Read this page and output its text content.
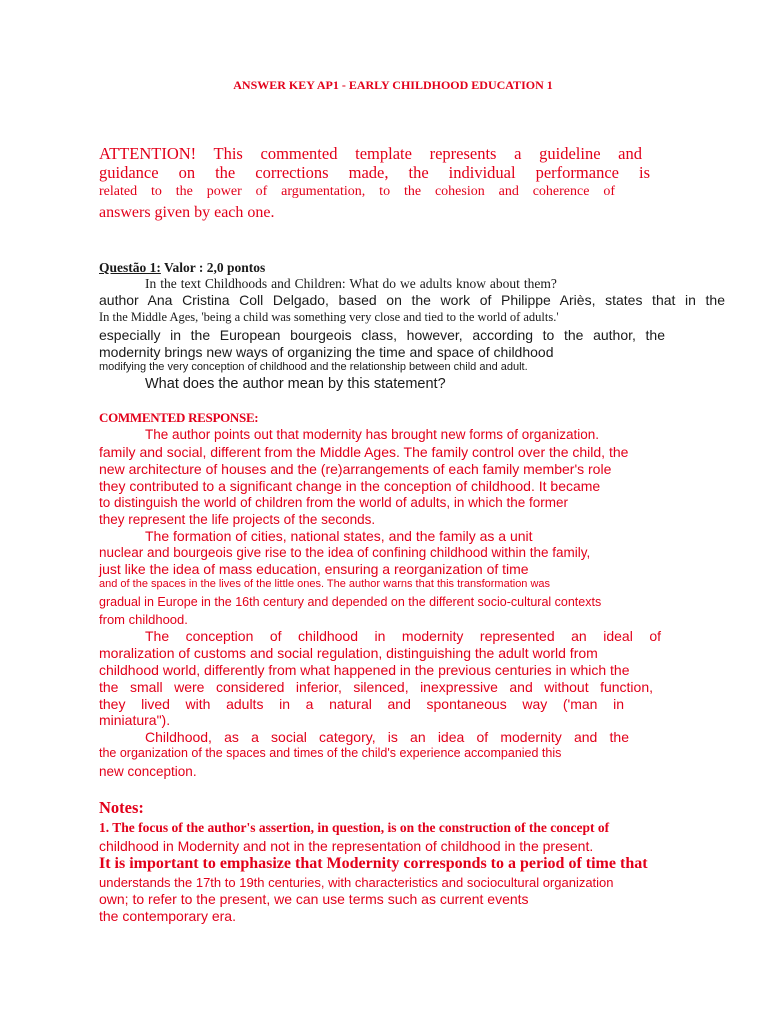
ANSWER KEY AP1 - EARLY CHILDHOOD EDUCATION 1
ATTENTION! This commented template represents a guideline and
guidance on the corrections made, the individual performance is
related to the power of argumentation, to the cohesion and coherence of
answers given by each one.
Questão 1: Valor : 2,0 pontos
In the text Childhoods and Children: What do we adults know about them?
author Ana Cristina Coll Delgado, based on the work of Philippe Ariès, states that in the
In the Middle Ages, 'being a child was something very close and tied to the world of adults.'
especially in the European bourgeois class, however, according to the author, the
modernity brings new ways of organizing the time and space of childhood
modifying the very conception of childhood and the relationship between child and adult.
What does the author mean by this statement?
COMMENTED RESPONSE:
The author points out that modernity has brought new forms of organization.
family and social, different from the Middle Ages. The family control over the child, the
new architecture of houses and the (re)arrangements of each family member's role
they contributed to a significant change in the conception of childhood. It became
to distinguish the world of children from the world of adults, in which the former
they represent the life projects of the seconds.
The formation of cities, national states, and the family as a unit
nuclear and bourgeois give rise to the idea of confining childhood within the family,
just like the idea of mass education, ensuring a reorganization of time
and of the spaces in the lives of the little ones. The author warns that this transformation was
gradual in Europe in the 16th century and depended on the different socio-cultural contexts
from childhood.
The conception of childhood in modernity represented an ideal of
moralization of customs and social regulation, distinguishing the adult world from
childhood world, differently from what happened in the previous centuries in which the
the small were considered inferior, silenced, inexpressive and without function,
they lived with adults in a natural and spontaneous way ('man in
miniatura").
Childhood, as a social category, is an idea of modernity and the
the organization of the spaces and times of the child's experience accompanied this
new conception.
Notes:
1. The focus of the author's assertion, in question, is on the construction of the concept of
childhood in Modernity and not in the representation of childhood in the present.
It is important to emphasize that Modernity corresponds to a period of time that
understands the 17th to 19th centuries, with characteristics and sociocultural organization
own; to refer to the present, we can use terms such as current events
the contemporary era.
